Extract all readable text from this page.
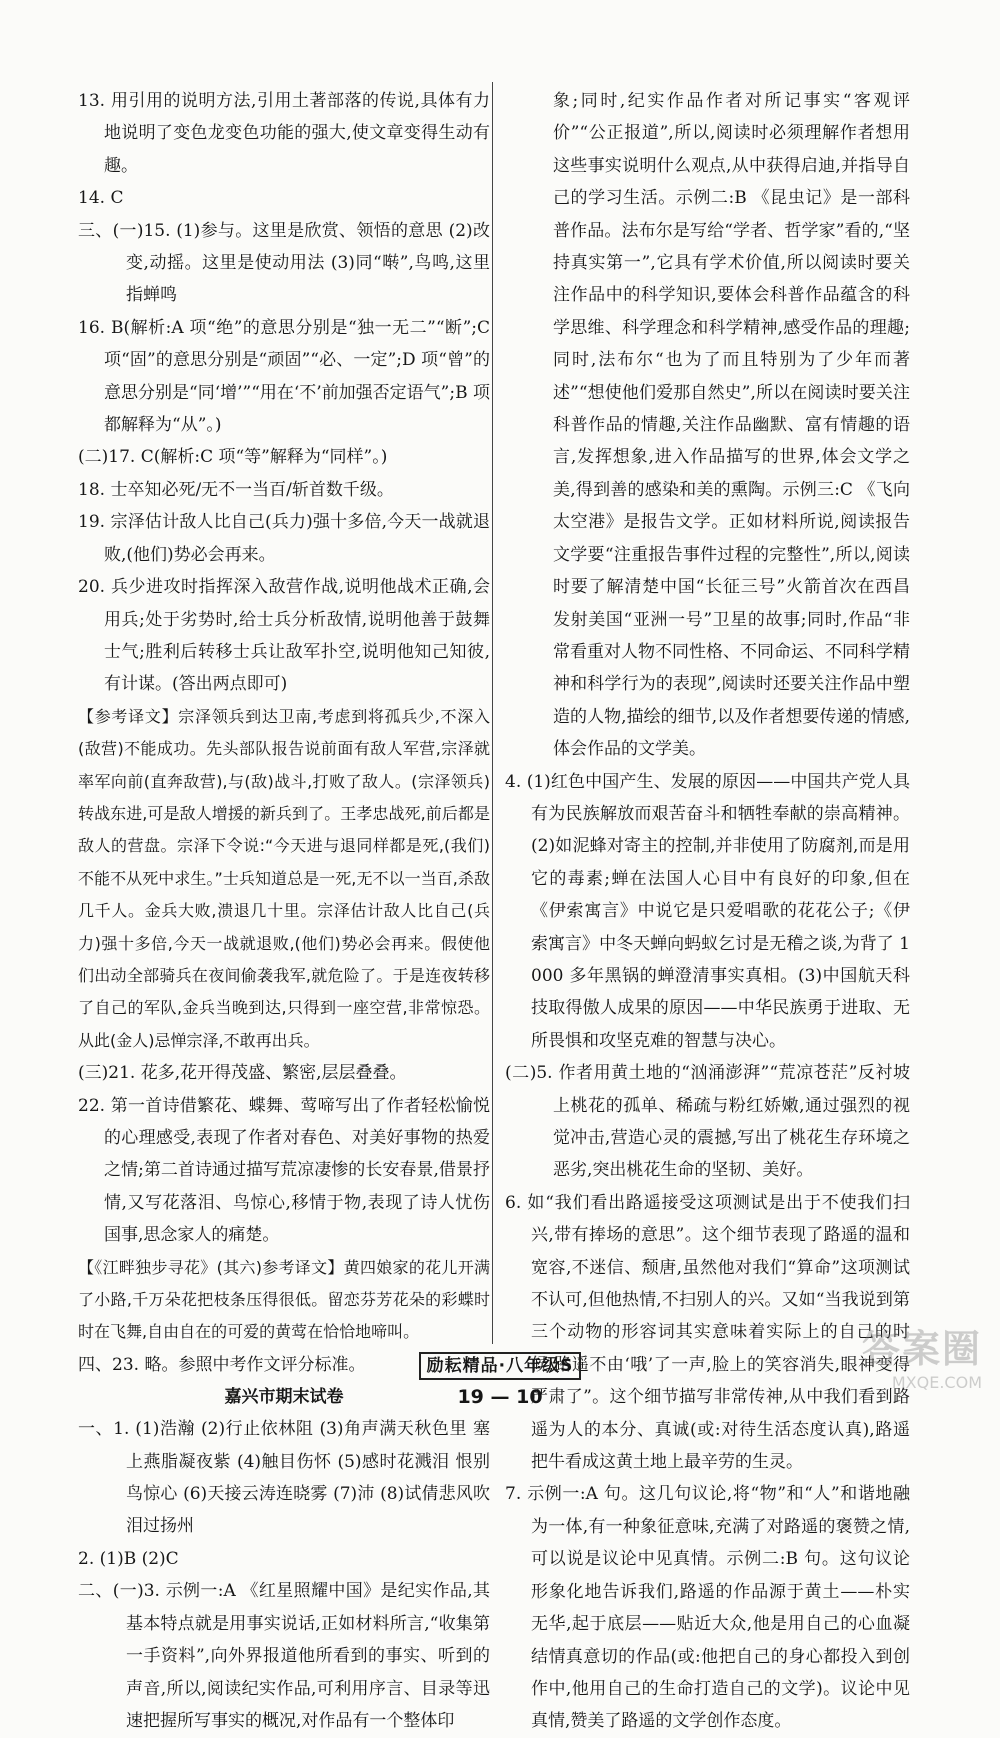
13. 用引用的说明方法,引用土著部落的传说,具体有力地说明了变色龙变色功能的强大,使文章变得生动有趣。

14. C

三、(一)15. (1)参与。这里是欣赏、领悟的意思 (2)改变,动摇。这里是使动用法 (3)同“啭”,鸟鸣,这里指蝉鸣

16. B(解析:A 项“绝”的意思分别是“独一无二”“断”;C 项“固”的意思分别是“顽固”“必、一定”;D 项“曾”的意思分别是“同‘增’”“用在‘不’前加强否定语气”;B 项都解释为“从”。)

(二)17. C(解析:C 项“等”解释为“同样”。)

18. 士卒知必死/无不一当百/斩首数千级。

19. 宗泽估计敌人比自己(兵力)强十多倍,今天一战就退败,(他们)势必会再来。

20. 兵少进攻时指挥深入敌营作战,说明他战术正确,会用兵;处于劣势时,给士兵分析敌情,说明他善于鼓舞士气;胜利后转移士兵让敌军扑空,说明他知己知彼,有计谋。(答出两点即可)

【参考译文】宗泽领兵到达卫南,考虑到将孤兵少,不深入(敌营)不能成功。先头部队报告说前面有敌人军营,宗泽就率军向前(直奔敌营),与(敌)战斗,打败了敌人。(宗泽领兵)转战东进,可是敌人增援的新兵到了。王孝忠战死,前后都是敌人的营盘。宗泽下令说:“今天进与退同样都是死,(我们)不能不从死中求生。”士兵知道总是一死,无不以一当百,杀敌几千人。金兵大败,溃退几十里。宗泽估计敌人比自己(兵力)强十多倍,今天一战就退败,(他们)势必会再来。假使他们出动全部骑兵在夜间偷袭我军,就危险了。于是连夜转移了自己的军队,金兵当晚到达,只得到一座空营,非常惊恐。从此(金人)忌惮宗泽,不敢再出兵。

(三)21. 花多,花开得茂盛、繁密,层层叠叠。

22. 第一首诗借繁花、蝶舞、莺啼写出了作者轻松愉悦的心理感受,表现了作者对春色、对美好事物的热爱之情;第二首诗通过描写荒凉凄惨的长安春景,借景抒情,又写花落泪、鸟惊心,移情于物,表现了诗人忧伤国事,思念家人的痛楚。

【《江畔独步寻花》(其六)参考译文】黄四娘家的花儿开满了小路,千万朵花把枝条压得很低。留恋芬芳花朵的彩蝶时时在飞舞,自由自在的可爱的黄莺在恰恰地啼叫。

四、23. 略。参照中考作文评分标准。

嘉兴市期末试卷

一、1. (1)浩瀚 (2)行止依林阻 (3)角声满天秋色里 塞上燕脂凝夜紫 (4)触目伤怀 (5)感时花溅泪 恨别鸟惊心 (6)天接云涛连晓雾 (7)沛 (8)试倩悲风吹泪过扬州

2. (1)B (2)C

二、(一)3. 示例一:A 《红星照耀中国》是纪实作品,其基本特点就是用事实说话,正如材料所言,“收集第一手资料”,向外界报道他所看到的事实、听到的声音,所以,阅读纪实作品,可利用序言、目录等迅速把握所写事实的概况,对作品有一个整体印

象;同时,纪实作品作者对所记事实“客观评价”“公正报道”,所以,阅读时必须理解作者想用这些事实说明什么观点,从中获得启迪,并指导自己的学习生活。示例二:B 《昆虫记》是一部科普作品。法布尔是写给“学者、哲学家”看的,“坚持真实第一”,它具有学术价值,所以阅读时要关注作品中的科学知识,要体会科普作品蕴含的科学思维、科学理念和科学精神,感受作品的理趣;同时,法布尔“也为了而且特别为了少年而著述”“想使他们爱那自然史”,所以在阅读时要关注科普作品的情趣,关注作品幽默、富有情趣的语言,发挥想象,进入作品描写的世界,体会文学之美,得到善的感染和美的熏陶。示例三:C 《飞向太空港》是报告文学。正如材料所说,阅读报告文学要“注重报告事件过程的完整性”,所以,阅读时要了解清楚中国“长征三号”火箭首次在西昌发射美国“亚洲一号”卫星的故事;同时,作品“非常看重对人物不同性格、不同命运、不同科学精神和科学行为的表现”,阅读时还要关注作品中塑造的人物,描绘的细节,以及作者想要传递的情感,体会作品的文学美。

4. (1)红色中国产生、发展的原因——中国共产党人具有为民族解放而艰苦奋斗和牺牲奉献的崇高精神。(2)如泥蜂对寄主的控制,并非使用了防腐剂,而是用它的毒素;蝉在法国人心目中有良好的印象,但在《伊索寓言》中说它是只爱唱歌的花花公子;《伊索寓言》中冬天蝉向蚂蚁乞讨是无稽之谈,为背了 1 000 多年黑锅的蝉澄清事实真相。(3)中国航天科技取得傲人成果的原因——中华民族勇于进取、无所畏惧和攻坚克难的智慧与决心。

(二)5. 作者用黄土地的“汹涌澎湃”“荒凉苍茫”反衬坡上桃花的孤单、稀疏与粉红娇嫩,通过强烈的视觉冲击,营造心灵的震撼,写出了桃花生存环境之恶劣,突出桃花生命的坚韧、美好。

6. 如“我们看出路遥接受这项测试是出于不使我们扫兴,带有捧场的意思”。这个细节表现了路遥的温和宽容,不迷信、颓唐,虽然他对我们“算命”这项测试不认可,但他热情,不扫别人的兴。又如“当我说到第三个动物的形容词其实意味着实际上的自己的时候,路遥不由‘哦’了一声,脸上的笑容消失,眼神变得严肃了”。这个细节描写非常传神,从中我们看到路遥为人的本分、真诚(或:对待生活态度认真),路遥把牛看成这黄土地上最辛劳的生灵。

7. 示例一:A 句。这几句议论,将“物”和“人”和谐地融为一体,有一种象征意味,充满了对路遥的褒赞之情,可以说是议论中见真情。示例二:B 句。这句议论形象化地告诉我们,路遥的作品源于黄土——朴实无华,起于底层——贴近大众,他是用自己的心血凝结情真意切的作品(或:他把自己的身心都投入到创作中,他用自己的生命打造自己的文学)。议论中见真情,赞美了路遥的文学创作态度。

励耘精品·八年级S
19 — 10
答案圈
MXQE.COM
